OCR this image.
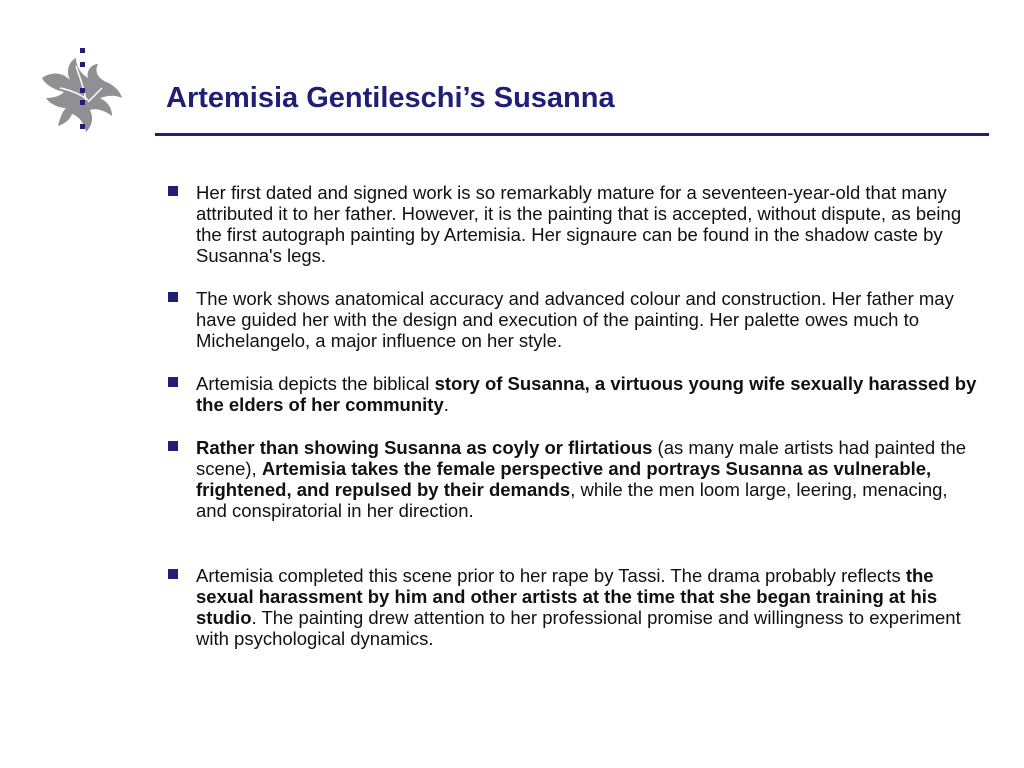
Artemisia Gentileschi’s Susanna
Her first dated and signed work is so remarkably mature for a seventeen-year-old that many attributed it to her father. However, it is the painting that is accepted, without dispute, as being the first autograph painting by Artemisia. Her signaure can be found in the shadow caste by Susanna's legs.
The work shows anatomical accuracy and advanced colour and construction. Her father may have guided her with the design and execution of the painting. Her palette owes much to Michelangelo, a major influence on her style.
Artemisia depicts the biblical story of Susanna, a virtuous young wife sexually harassed by the elders of her community.
Rather than showing Susanna as coyly or flirtatious (as many male artists had painted the scene), Artemisia takes the female perspective and portrays Susanna as vulnerable, frightened, and repulsed by their demands, while the men loom large, leering, menacing, and conspiratorial in her direction.
Artemisia completed this scene prior to her rape by Tassi. The drama probably reflects the sexual harassment by him and other artists at the time that she began training at his studio. The painting drew attention to her professional promise and willingness to experiment with psychological dynamics.
